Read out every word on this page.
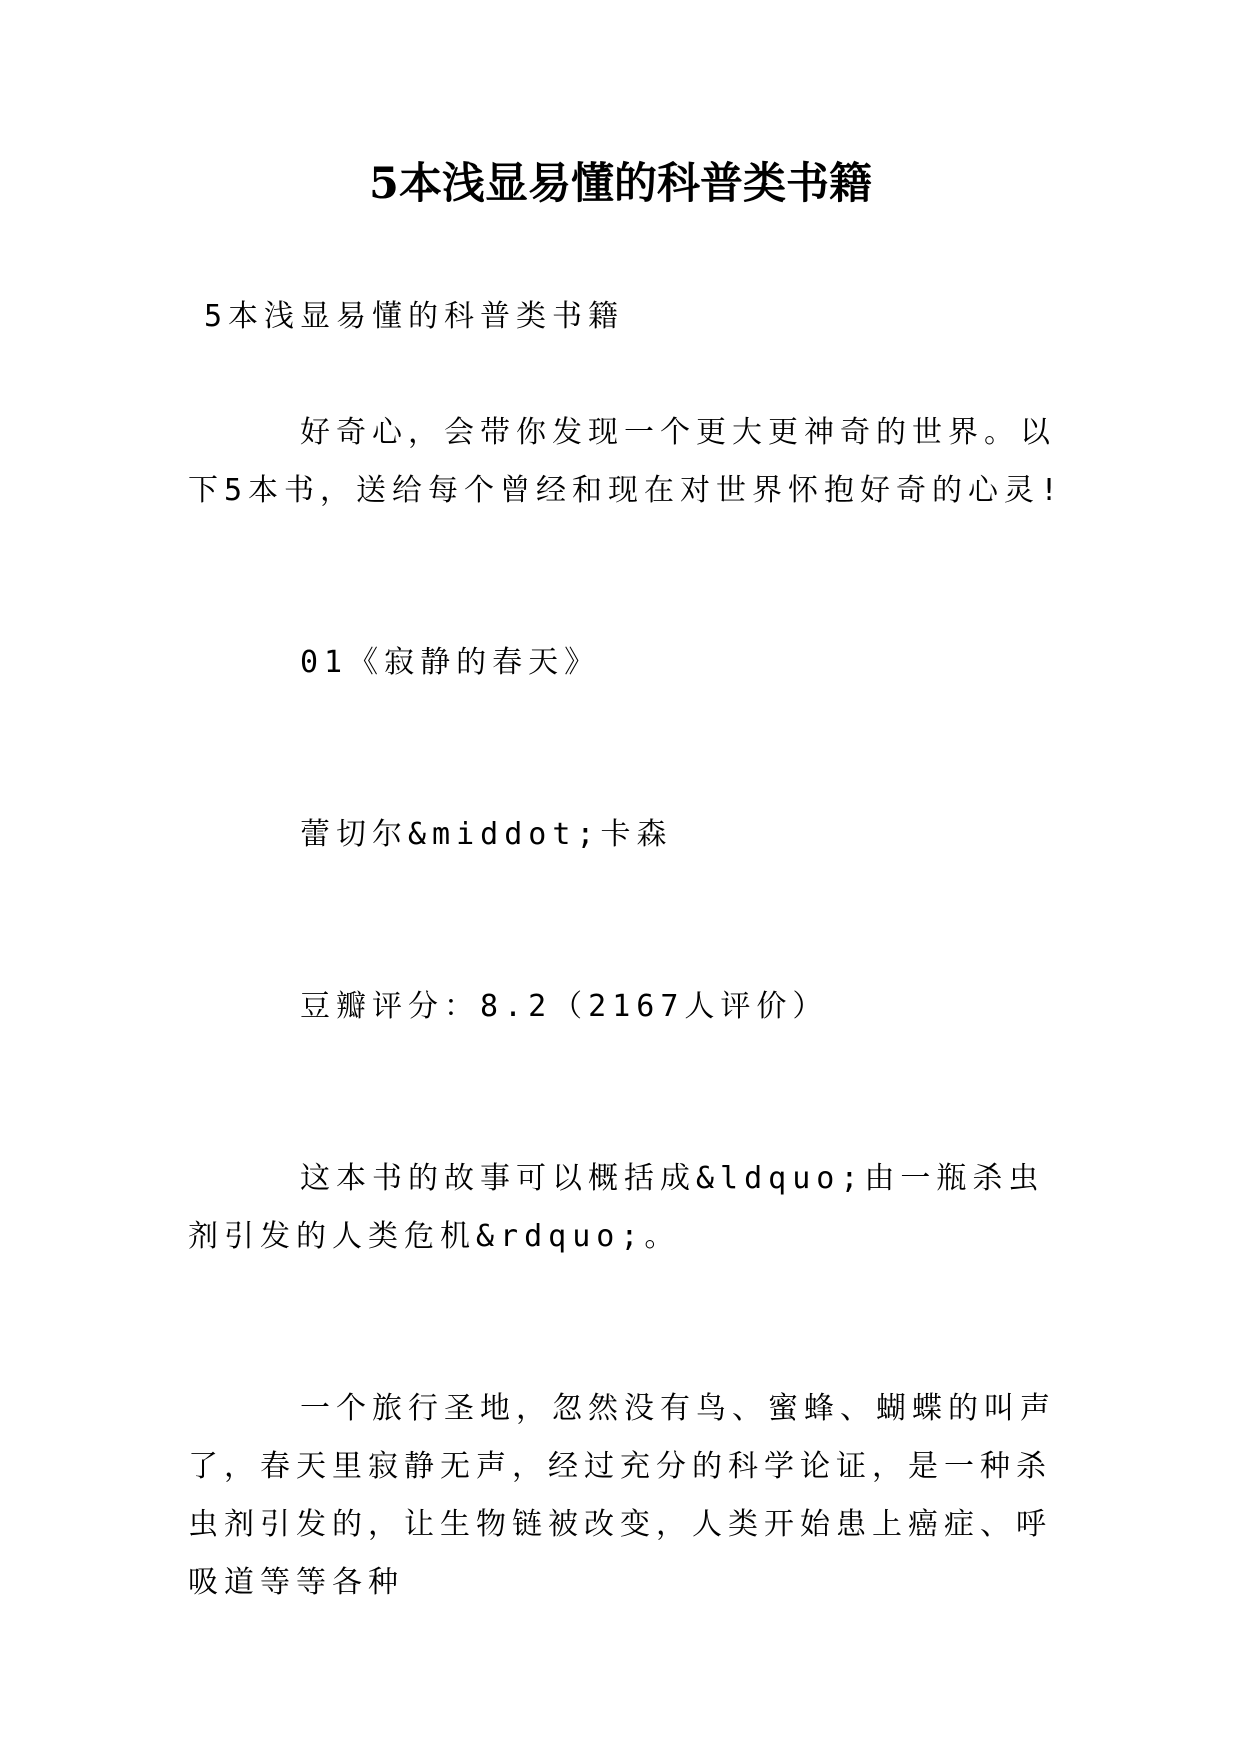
5本浅显易懂的科普类书籍

5本浅显易懂的科普类书籍

好奇心，会带你发现一个更大更神奇的世界。以下5本书，送给每个曾经和现在对世界怀抱好奇的心灵!

01《寂静的春天》

蕾切尔&middot;卡森

豆瓣评分：8.2（2167人评价）

这本书的故事可以概括成&ldquo;由一瓶杀虫剂引发的人类危机&rdquo;。

一个旅行圣地，忽然没有鸟、蜜蜂、蝴蝶的叫声了，春天里寂静无声，经过充分的科学论证，是一种杀虫剂引发的，让生物链被改变，人类开始患上癌症、呼吸道等等各种
